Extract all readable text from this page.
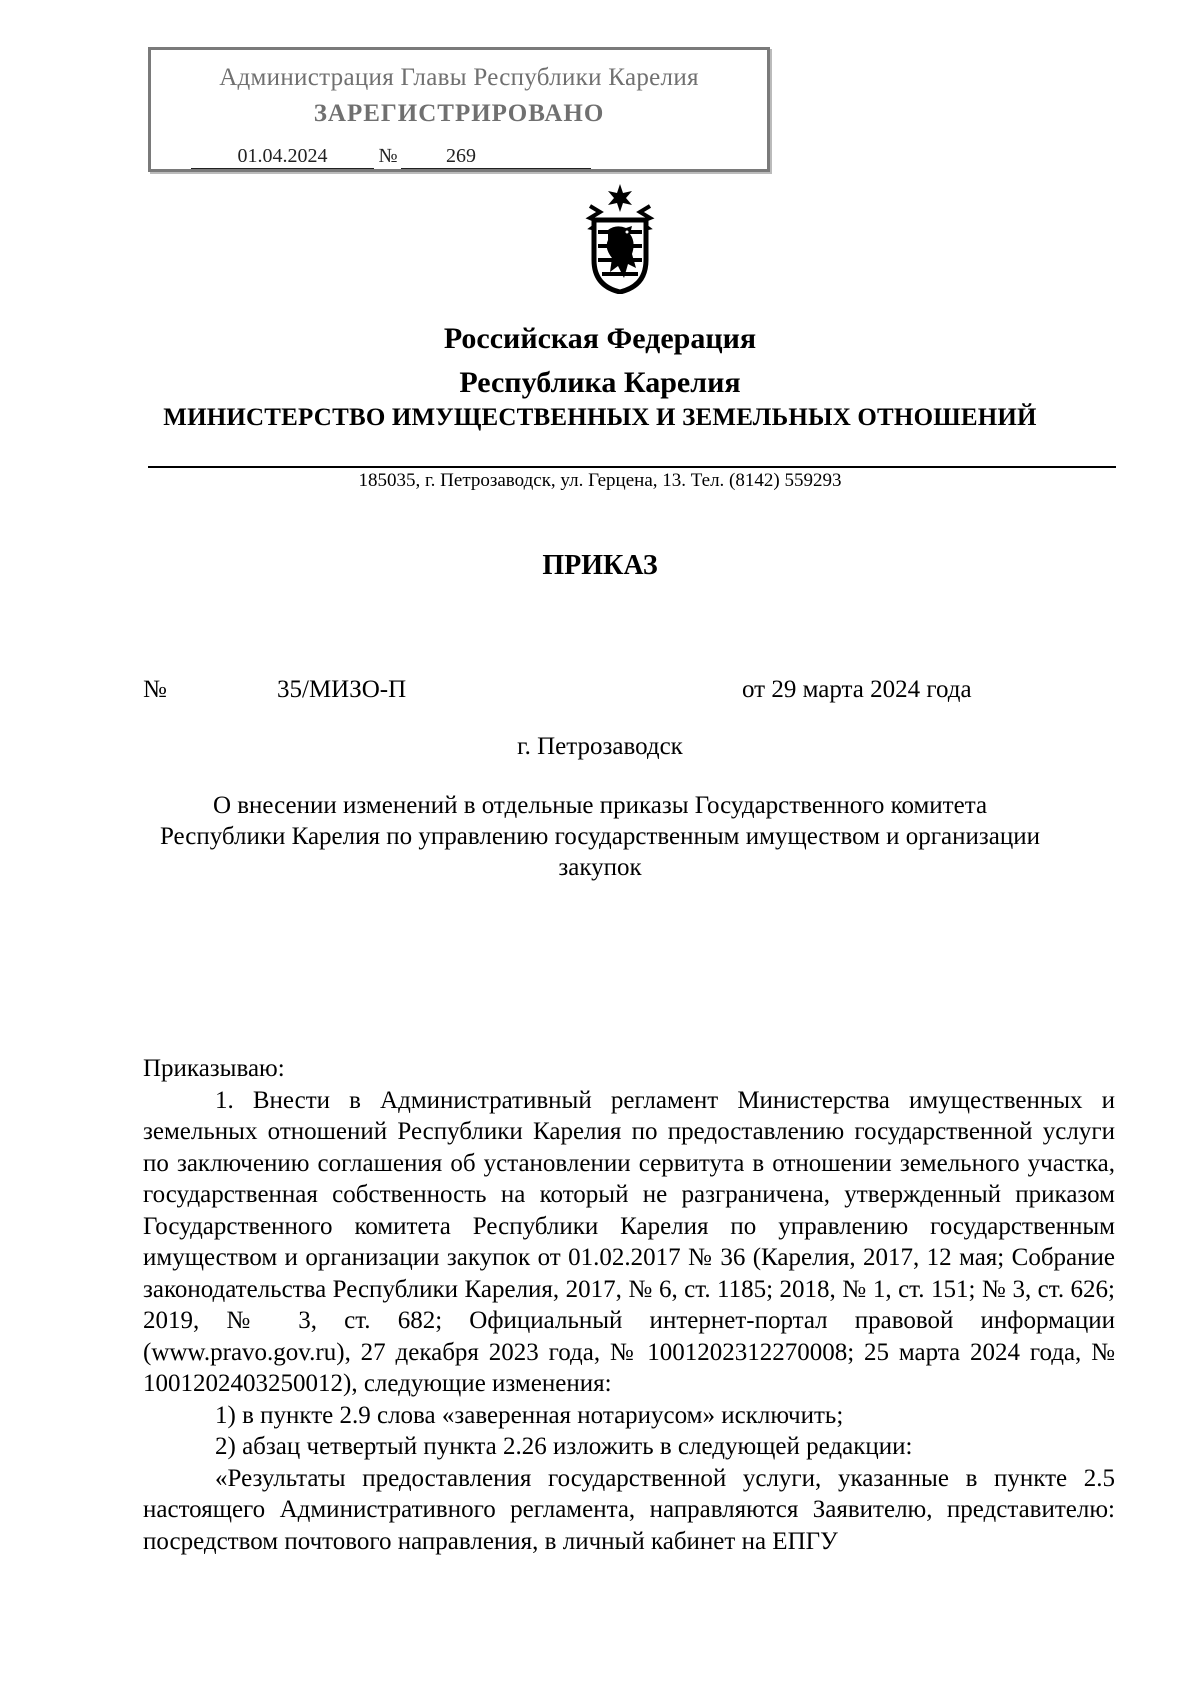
Администрация Главы Республики Карелия
ЗАРЕГИСТРИРОВАНО
01.04.2024	№	269
Российская Федерация
Республика Карелия
МИНИСТЕРСТВО ИМУЩЕСТВЕННЫХ И ЗЕМЕЛЬНЫХ ОТНОШЕНИЙ
185035, г. Петрозаводск, ул. Герцена, 13. Тел. (8142) 559293
ПРИКАЗ
№	35/МИЗО-П	от 29 марта 2024 года
г. Петрозаводск
О внесении изменений в отдельные приказы Государственного комитета Республики Карелия по управлению государственным имуществом и организации закупок

Приказываю:

1. Внести в Административный регламент Министерства имущественных и земельных отношений Республики Карелия по предоставлению государственной услуги по заключению соглашения об установлении сервитута в отношении земельного участка, государственная собственность на который не разграничена, утвержденный приказом Государственного комитета Республики Карелия по управлению государственным имуществом и организации закупок от 01.02.2017 № 36 (Карелия, 2017, 12 мая; Собрание законодательства Республики Карелия, 2017, № 6, ст. 1185; 2018, № 1, ст. 151; № 3, ст. 626; 2019, № 3, ст. 682; Официальный интернет-портал правовой информации (www.pravo.gov.ru), 27 декабря 2023 года, № 1001202312270008; 25 марта 2024 года, № 1001202403250012), следующие изменения:

1) в пункте 2.9 слова «заверенная нотариусом» исключить;

2) абзац четвертый пункта 2.26 изложить в следующей редакции:

«Результаты предоставления государственной услуги, указанные в пункте 2.5 настоящего Административного регламента, направляются Заявителю, представителю: посредством почтового направления, в личный кабинет на ЕПГУ
